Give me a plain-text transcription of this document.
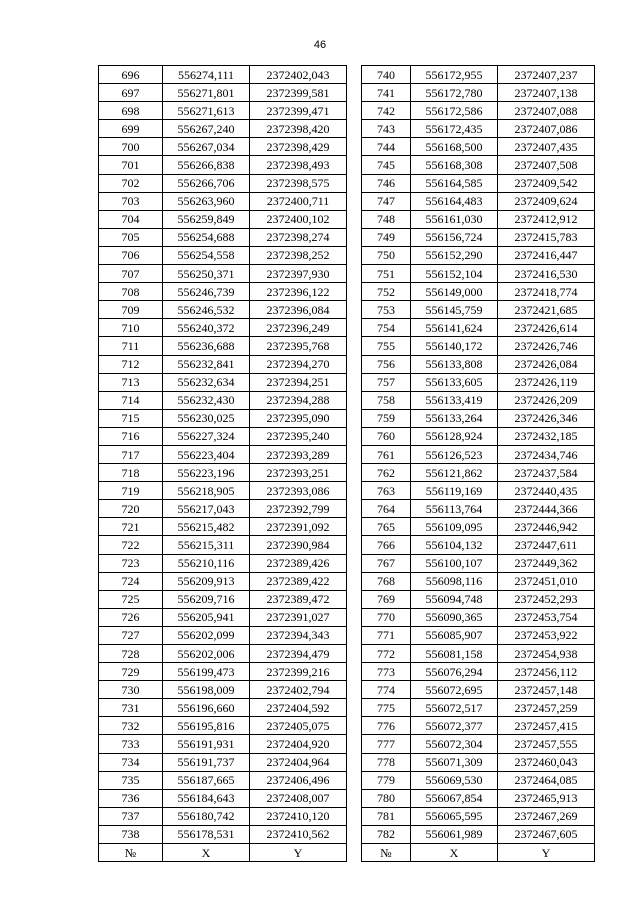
46
696	556274,111	2372402,043
697	556271,801	2372399,581
698	556271,613	2372399,471
699	556267,240	2372398,420
700	556267,034	2372398,429
701	556266,838	2372398,493
702	556266,706	2372398,575
703	556263,960	2372400,711
704	556259,849	2372400,102
705	556254,688	2372398,274
706	556254,558	2372398,252
707	556250,371	2372397,930
708	556246,739	2372396,122
709	556246,532	2372396,084
710	556240,372	2372396,249
711	556236,688	2372395,768
712	556232,841	2372394,270
713	556232,634	2372394,251
714	556232,430	2372394,288
715	556230,025	2372395,090
716	556227,324	2372395,240
717	556223,404	2372393,289
718	556223,196	2372393,251
719	556218,905	2372393,086
720	556217,043	2372392,799
721	556215,482	2372391,092
722	556215,311	2372390,984
723	556210,116	2372389,426
724	556209,913	2372389,422
725	556209,716	2372389,472
726	556205,941	2372391,027
727	556202,099	2372394,343
728	556202,006	2372394,479
729	556199,473	2372399,216
730	556198,009	2372402,794
731	556196,660	2372404,592
732	556195,816	2372405,075
733	556191,931	2372404,920
734	556191,737	2372404,964
735	556187,665	2372406,496
736	556184,643	2372408,007
737	556180,742	2372410,120
738	556178,531	2372410,562
№	X	Y
740	556172,955	2372407,237
741	556172,780	2372407,138
742	556172,586	2372407,088
743	556172,435	2372407,086
744	556168,500	2372407,435
745	556168,308	2372407,508
746	556164,585	2372409,542
747	556164,483	2372409,624
748	556161,030	2372412,912
749	556156,724	2372415,783
750	556152,290	2372416,447
751	556152,104	2372416,530
752	556149,000	2372418,774
753	556145,759	2372421,685
754	556141,624	2372426,614
755	556140,172	2372426,746
756	556133,808	2372426,084
757	556133,605	2372426,119
758	556133,419	2372426,209
759	556133,264	2372426,346
760	556128,924	2372432,185
761	556126,523	2372434,746
762	556121,862	2372437,584
763	556119,169	2372440,435
764	556113,764	2372444,366
765	556109,095	2372446,942
766	556104,132	2372447,611
767	556100,107	2372449,362
768	556098,116	2372451,010
769	556094,748	2372452,293
770	556090,365	2372453,754
771	556085,907	2372453,922
772	556081,158	2372454,938
773	556076,294	2372456,112
774	556072,695	2372457,148
775	556072,517	2372457,259
776	556072,377	2372457,415
777	556072,304	2372457,555
778	556071,309	2372460,043
779	556069,530	2372464,085
780	556067,854	2372465,913
781	556065,595	2372467,269
782	556061,989	2372467,605
№	X	Y
